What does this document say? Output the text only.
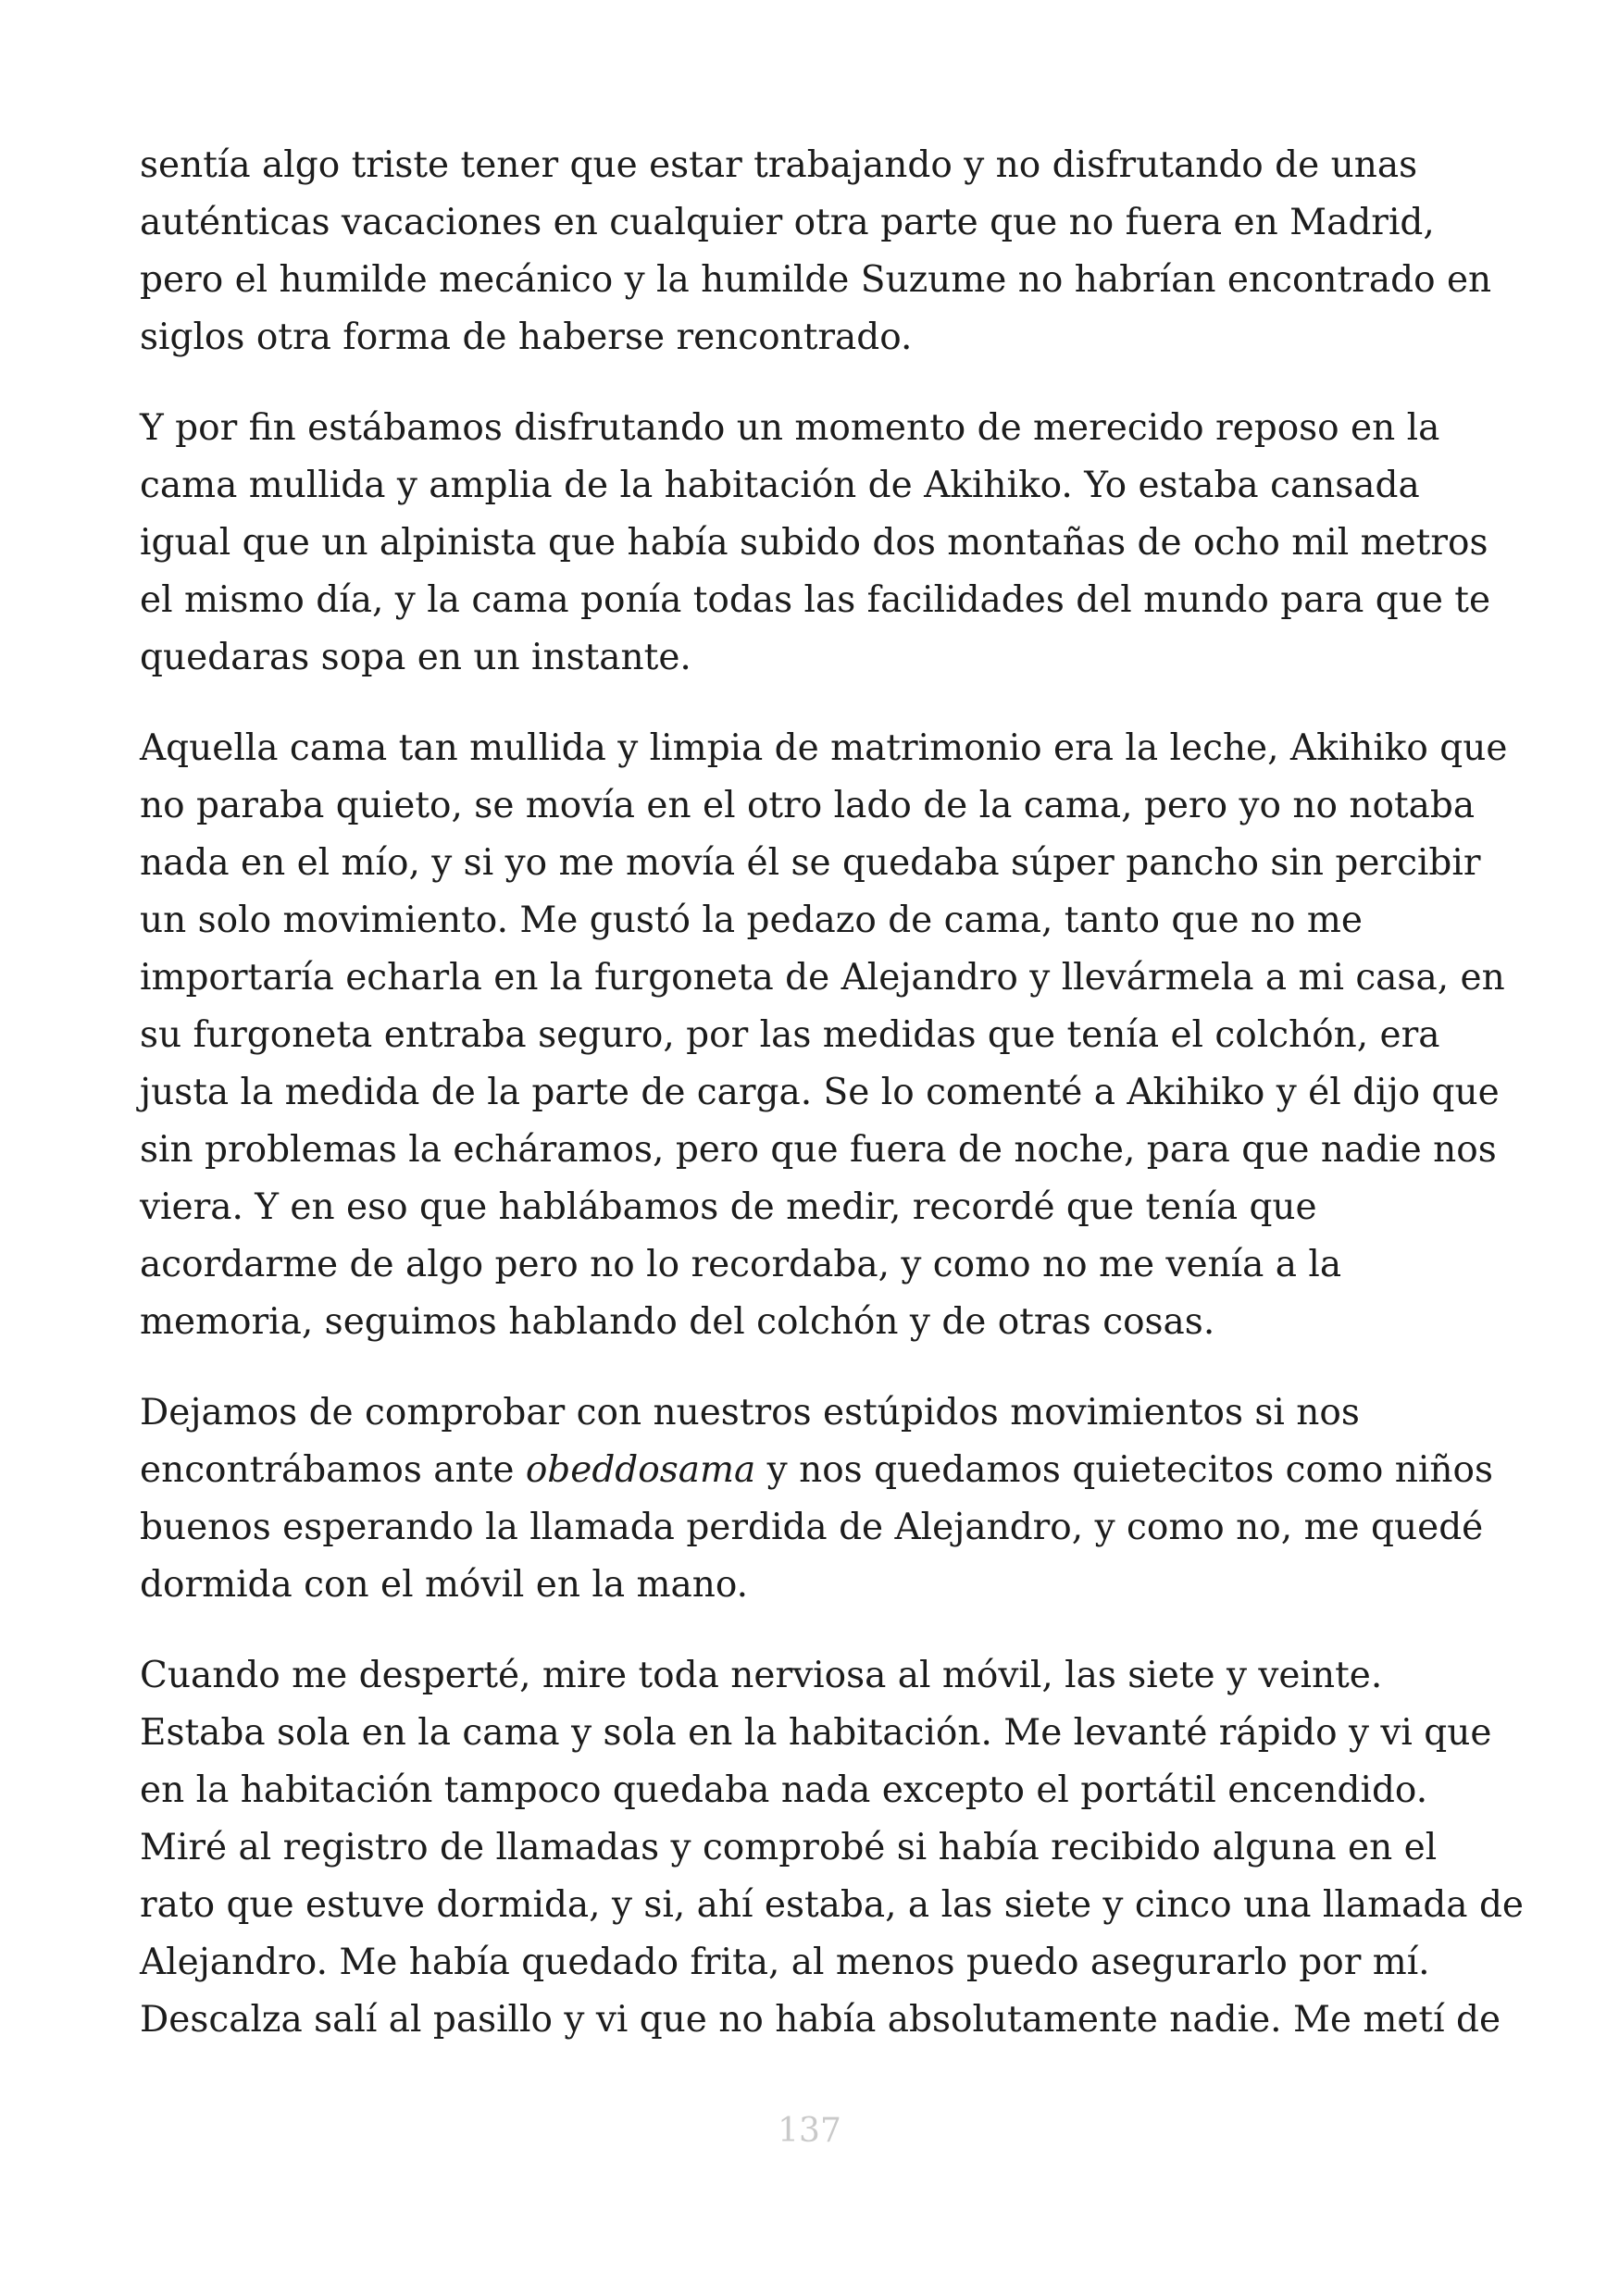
sentía algo triste tener que estar trabajando y no disfrutando de unas
auténticas vacaciones en cualquier otra parte que no fuera en Madrid,
pero el humilde mecánico y la humilde Suzume no habrían encontrado en
siglos otra forma de haberse rencontrado.

Y por fin estábamos disfrutando un momento de merecido reposo en la
cama mullida y amplia de la habitación de Akihiko. Yo estaba cansada
igual que un alpinista que había subido dos montañas de ocho mil metros
el mismo día, y la cama ponía todas las facilidades del mundo para que te
quedaras sopa en un instante.

Aquella cama tan mullida y limpia de matrimonio era la leche, Akihiko que
no paraba quieto, se movía en el otro lado de la cama, pero yo no notaba
nada en el mío, y si yo me movía él se quedaba súper pancho sin percibir
un solo movimiento. Me gustó la pedazo de cama, tanto que no me
importaría echarla en la furgoneta de Alejandro y llevármela a mi casa, en
su furgoneta entraba seguro, por las medidas que tenía el colchón, era
justa la medida de la parte de carga. Se lo comenté a Akihiko y él dijo que
sin problemas la echáramos, pero que fuera de noche, para que nadie nos
viera. Y en eso que hablábamos de medir, recordé que tenía que
acordarme de algo pero no lo recordaba, y como no me venía a la
memoria, seguimos hablando del colchón y de otras cosas.

Dejamos de comprobar con nuestros estúpidos movimientos si nos
encontrábamos ante obeddosama y nos quedamos quietecitos como niños
buenos esperando la llamada perdida de Alejandro, y como no, me quedé
dormida con el móvil en la mano.

Cuando me desperté, mire toda nerviosa al móvil, las siete y veinte.
Estaba sola en la cama y sola en la habitación. Me levanté rápido y vi que
en la habitación tampoco quedaba nada excepto el portátil encendido.
Miré al registro de llamadas y comprobé si había recibido alguna en el
rato que estuve dormida, y si, ahí estaba, a las siete y cinco una llamada de
Alejandro. Me había quedado frita, al menos puedo asegurarlo por mí.
Descalza salí al pasillo y vi que no había absolutamente nadie. Me metí de

137
